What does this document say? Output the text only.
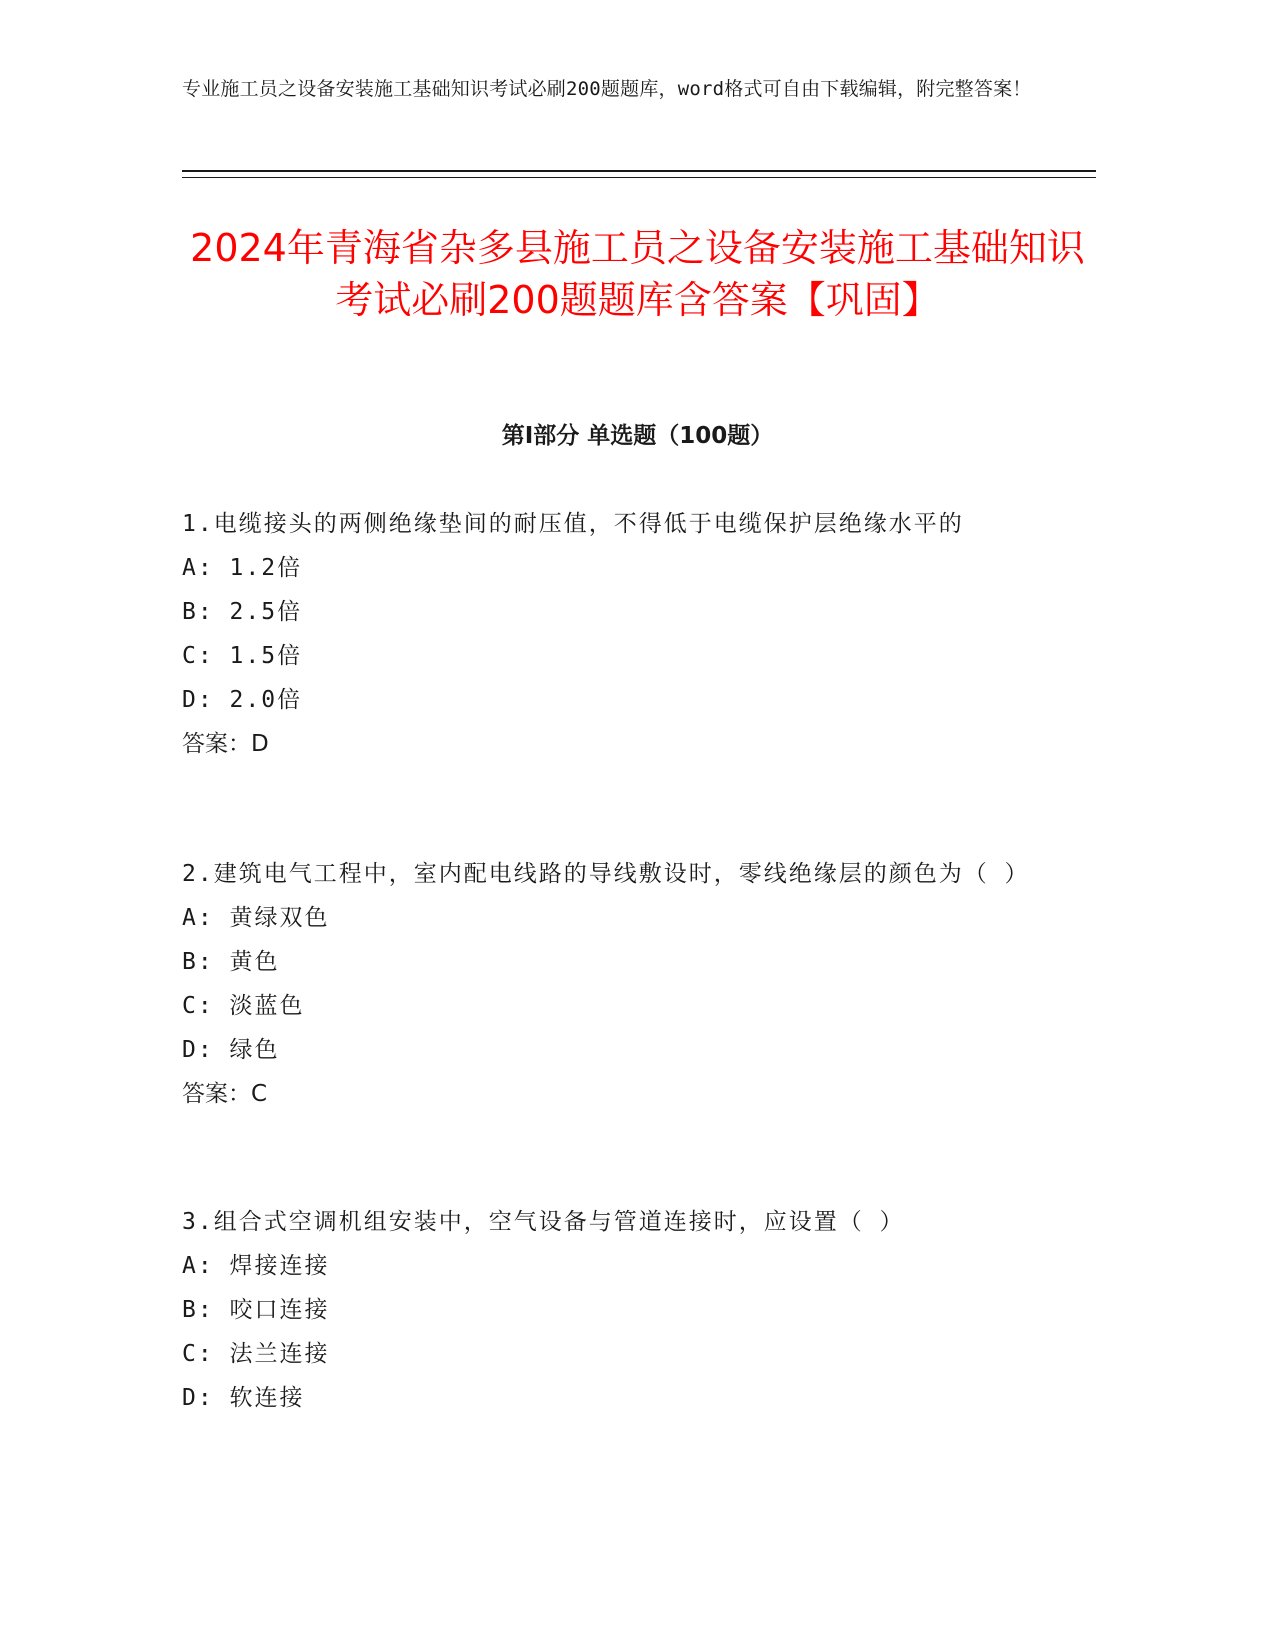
专业施工员之设备安装施工基础知识考试必刷200题题库，word格式可自由下载编辑，附完整答案！
2024年青海省杂多县施工员之设备安装施工基础知识考试必刷200题题库含答案【巩固】
第I部分 单选题（100题）

1.电缆接头的两侧绝缘垫间的耐压值，不得低于电缆保护层绝缘水平的

A: 1.2倍

B: 2.5倍

C: 1.5倍

D: 2.0倍

答案：D

2.建筑电气工程中，室内配电线路的导线敷设时，零线绝缘层的颜色为（ ）

A: 黄绿双色

B: 黄色

C: 淡蓝色

D: 绿色

答案：C

3.组合式空调机组安装中，空气设备与管道连接时，应设置（ ）

A: 焊接连接

B: 咬口连接

C: 法兰连接

D: 软连接
